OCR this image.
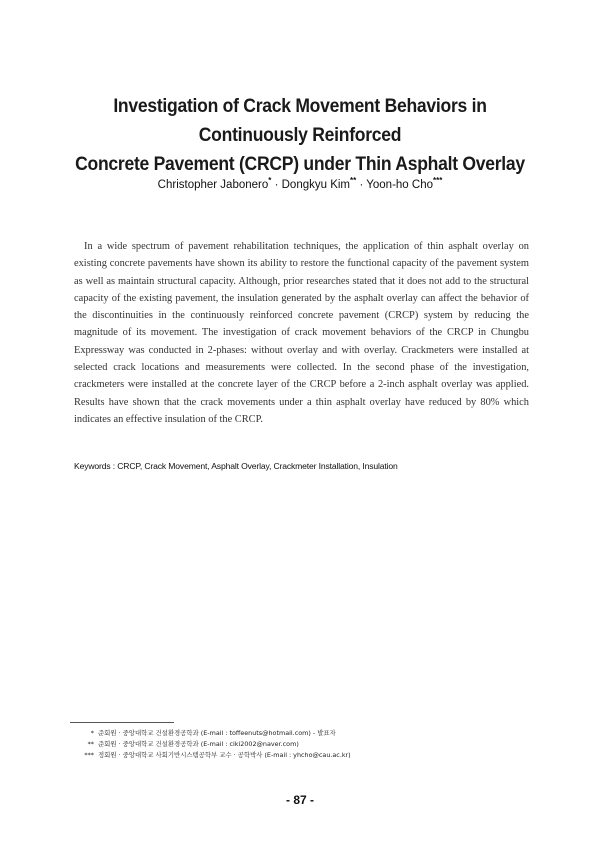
Investigation of Crack Movement Behaviors in Continuously Reinforced
Concrete Pavement (CRCP) under Thin Asphalt Overlay
Christopher Jabonero* · Dongkyu Kim** · Yoon-ho Cho***

In a wide spectrum of pavement rehabilitation techniques, the application of thin asphalt overlay on existing concrete pavements have shown its ability to restore the functional capacity of the pavement system as well as maintain structural capacity. Although, prior researches stated that it does not add to the structural capacity of the existing pavement, the insulation generated by the asphalt overlay can affect the behavior of the discontinuities in the continuously reinforced concrete pavement (CRCP) system by reducing the magnitude of its movement. The investigation of crack movement behaviors of the CRCP in Chungbu Expressway was conducted in 2-phases: without overlay and with overlay. Crackmeters were installed at selected crack locations and measurements were collected. In the second phase of the investigation, crackmeters were installed at the concrete layer of the CRCP before a 2-inch asphalt overlay was applied. Results have shown that the crack movements under a thin asphalt overlay have reduced by 80% which indicates an effective insulation of the CRCP.

Keywords : CRCP, Crack Movement, Asphalt Overlay, Crackmeter Installation, Insulation
* 준회원 · 중앙대학교 건설환경공학과 (E-mail : toffeenuts@hotmail.com) - 발표자
** 준회원 · 중앙대학교 건설환경공학과 (E-mail : ciki2002@naver.com)
*** 정회원 · 중앙대학교 사회기반시스템공학부 교수 · 공학박사 (E-mail : yhcho@cau.ac.kr)
- 87 -
